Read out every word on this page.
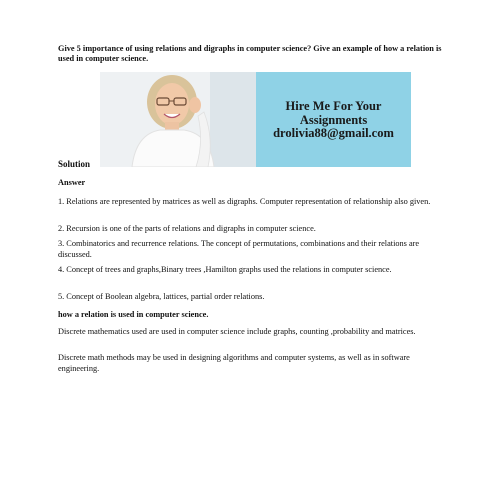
Give 5 importance of using relations and digraphs in computer science? Give an example of how a relation is used in computer science.
Hire Me For Your
Assignments
drolivia88@gmail.com
Solution
Answer
1. Relations are represented by matrices as well as digraphs. Computer representation of relationship also given.
2. Recursion is one of the parts of relations and digraphs in computer science.
3. Combinatorics and recurrence relations. The concept of permutations, combinations and their relations are discussed.
4. Concept of trees and graphs,Binary trees ,Hamilton graphs used the relations in computer science.
5. Concept of Boolean algebra, lattices, partial order relations.
how a relation is used in computer science.
Discrete mathematics used are used in computer science include graphs, counting ,probability and matrices.
Discrete math methods may be used in designing algorithms and computer systems, as well as in software engineering.
